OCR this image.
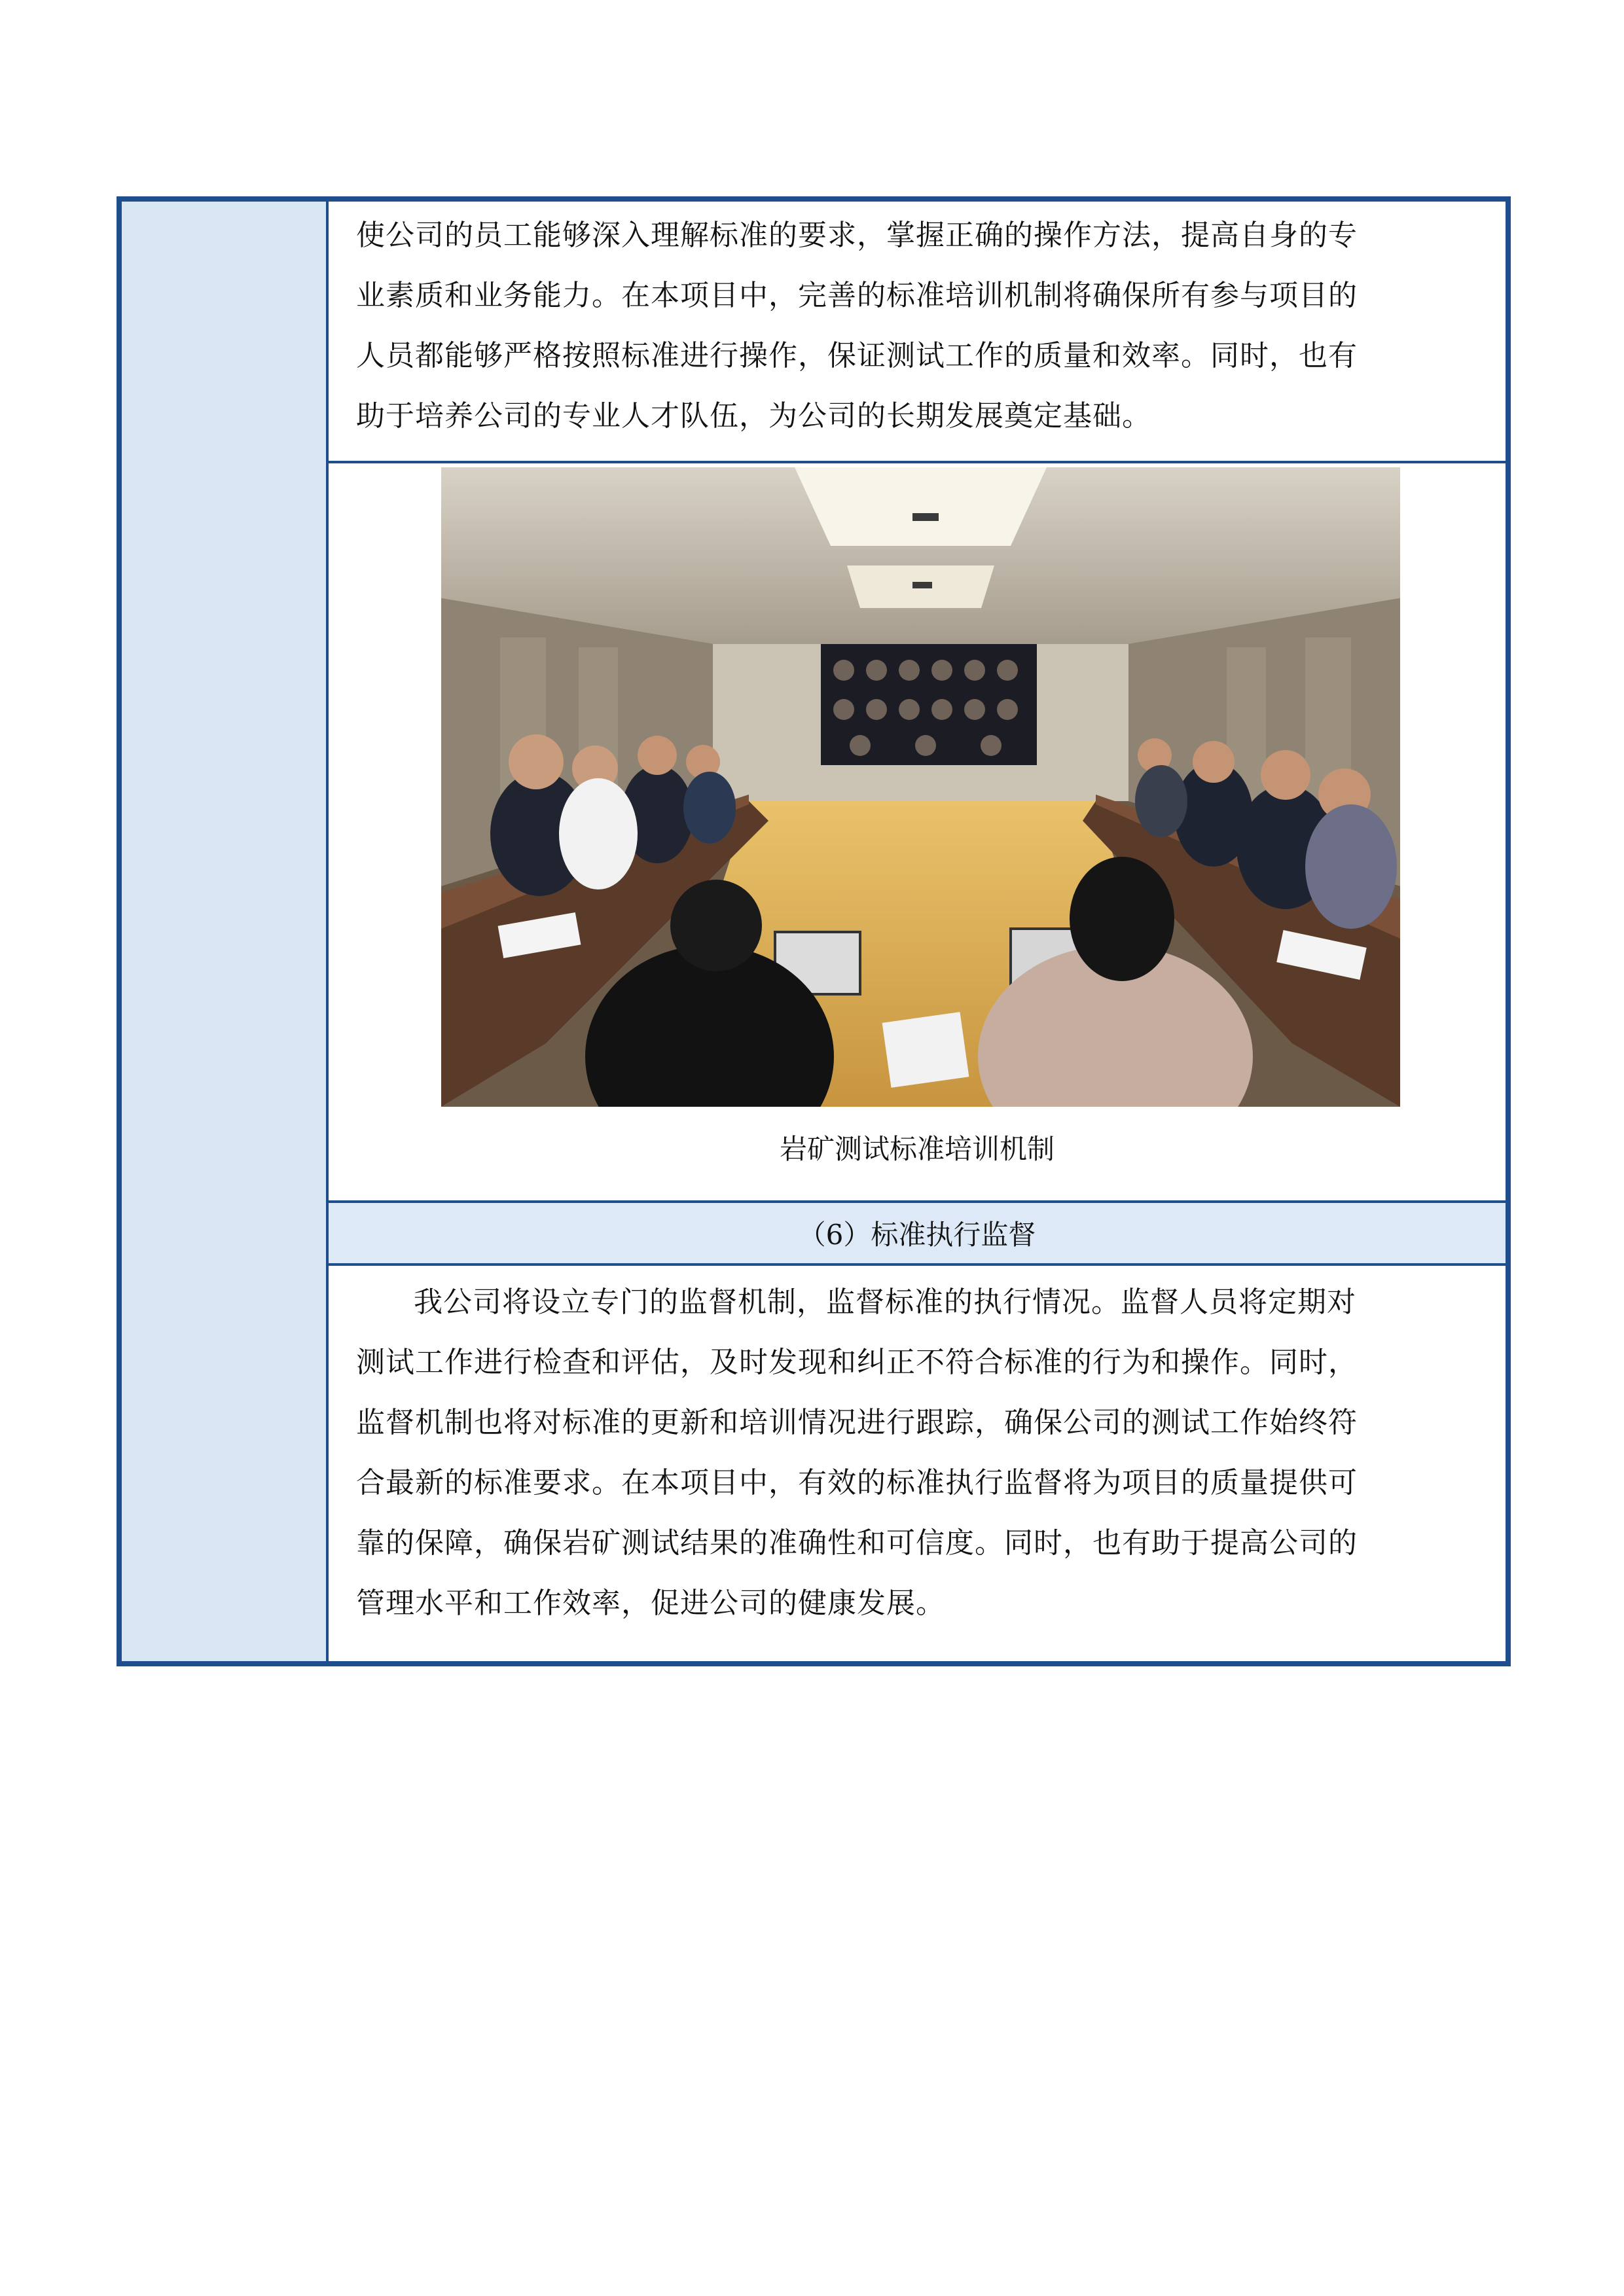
使公司的员工能够深入理解标准的要求，掌握正确的操作方法，提高自身的专

业素质和业务能力。在本项目中，完善的标准培训机制将确保所有参与项目的

人员都能够严格按照标准进行操作，保证测试工作的质量和效率。同时，也有

助于培养公司的专业人才队伍，为公司的长期发展奠定基础。

岩矿测试标准培训机制
（6）标准执行监督

我公司将设立专门的监督机制，监督标准的执行情况。监督人员将定期对

测试工作进行检查和评估，及时发现和纠正不符合标准的行为和操作。同时，

监督机制也将对标准的更新和培训情况进行跟踪，确保公司的测试工作始终符

合最新的标准要求。在本项目中，有效的标准执行监督将为项目的质量提供可

靠的保障，确保岩矿测试结果的准确性和可信度。同时，也有助于提高公司的

管理水平和工作效率，促进公司的健康发展。
